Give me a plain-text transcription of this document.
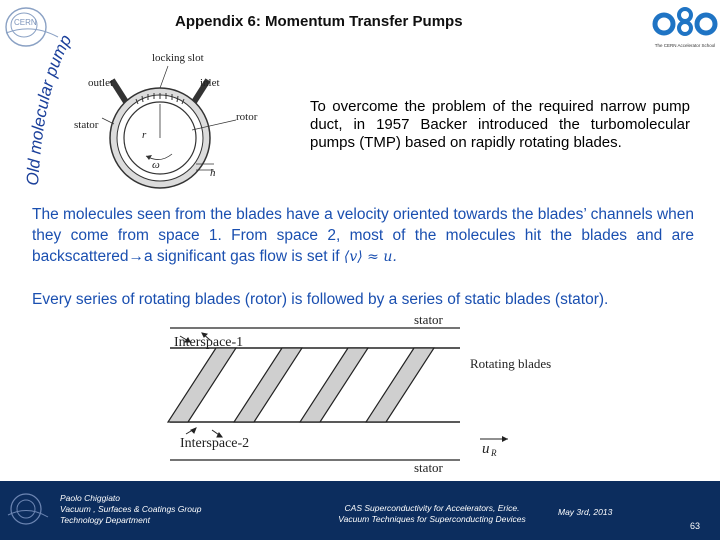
CERN
Old molecular pump
Appendix 6: Momentum Transfer Pumps
The CERN Accelerator School
locking slot
outlet	inlet
rotor
stator
r
ω
h
To overcome the problem of the required narrow pump duct, in 1957 Backer introduced the turbomolecular pumps (TMP) based on rapidly rotating blades.
The molecules seen from the blades have a velocity oriented towards the blades’ channels when they come from space 1. From space 2, most of the molecules hit the blades and are backscattered→a significant gas flow is set if ⟨v⟩ ≈ u.
Every series of rotating blades (rotor) is followed by a series of static blades (stator).
stator
stator
Interspace-1
Interspace-2
Rotating blades
u R
Paolo Chiggiato
Vacuum , Surfaces & Coatings Group
Technology Department
CAS Superconductivity for Accelerators, Erice.
Vacuum Techniques for Superconducting Devices
May 3rd, 2013
63
